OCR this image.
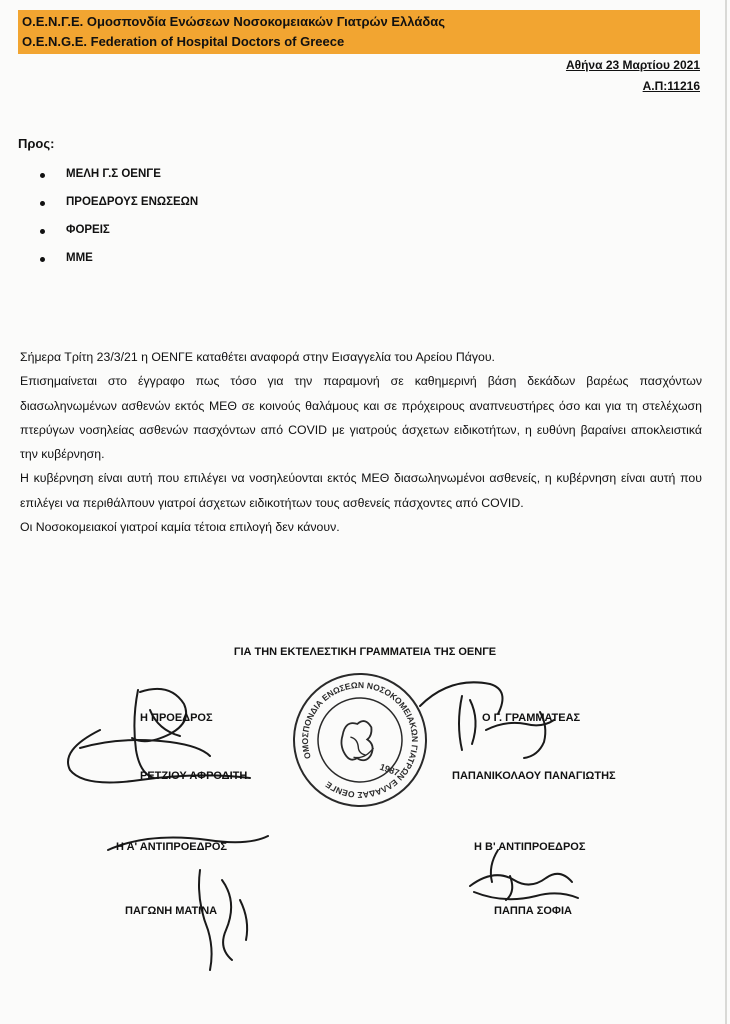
Ο.Ε.Ν.Γ.Ε. Ομοσπονδία Ενώσεων Νοσοκομειακών Γιατρών Ελλάδας
O.E.N.G.E. Federation of Hospital Doctors of Greece
Αθήνα 23 Μαρτίου 2021
Α.Π:11216
Προς:
ΜΕΛΗ Γ.Σ ΟΕΝΓΕ
ΠΡΟΕΔΡΟΥΣ ΕΝΩΣΕΩΝ
ΦΟΡΕΙΣ
ΜΜΕ

Σήμερα Τρίτη 23/3/21 η ΟΕΝΓΕ καταθέτει αναφορά στην Εισαγγελία του Αρείου Πάγου.

Επισημαίνεται στο έγγραφο πως τόσο για την παραμονή σε καθημερινή βάση δεκάδων βαρέως πασχόντων διασωληνωμένων ασθενών εκτός ΜΕΘ σε κοινούς θαλάμους και σε πρόχειρους αναπνευστήρες όσο και για τη στελέχωση πτερύγων νοσηλείας ασθενών πασχόντων από COVID με γιατρούς άσχετων ειδικοτήτων, η ευθύνη βαραίνει αποκλειστικά την κυβέρνηση.

Η κυβέρνηση είναι αυτή που επιλέγει να νοσηλεύονται εκτός ΜΕΘ διασωληνωμένοι ασθενείς, η κυβέρνηση είναι αυτή που επιλέγει να περιθάλπουν γιατροί άσχετων ειδικοτήτων τους ασθενείς πάσχοντες από COVID.

Οι Νοσοκομειακοί γιατροί καμία τέτοια επιλογή δεν κάνουν.

ΓΙΑ ΤΗΝ ΕΚΤΕΛΕΣΤΙΚΗ ΓΡΑΜΜΑΤΕΙΑ ΤΗΣ ΟΕΝΓΕ
ΟΜΟΣΠΟΝΔΙΑ ΕΝΩΣΕΩΝ ΝΟΣΟΚΟΜΕΙΑΚΩΝ ΓΙΑΤΡΩΝ ΕΛΛΑΔΑΣ ΟΕΝΓΕ
1987
Η ΠΡΟΕΔΡΟΣ
ΡΕΤΖΙΟΥ ΑΦΡΟΔΙΤΗ
Ο Γ. ΓΡΑΜΜΑΤΕΑΣ
ΠΑΠΑΝΙΚΟΛΑΟΥ ΠΑΝΑΓΙΩΤΗΣ
Η Α' ΑΝΤΙΠΡΟΕΔΡΟΣ
ΠΑΓΩΝΗ ΜΑΤΙΝΑ
Η Β' ΑΝΤΙΠΡΟΕΔΡΟΣ
ΠΑΠΠΑ ΣΟΦΙΑ
